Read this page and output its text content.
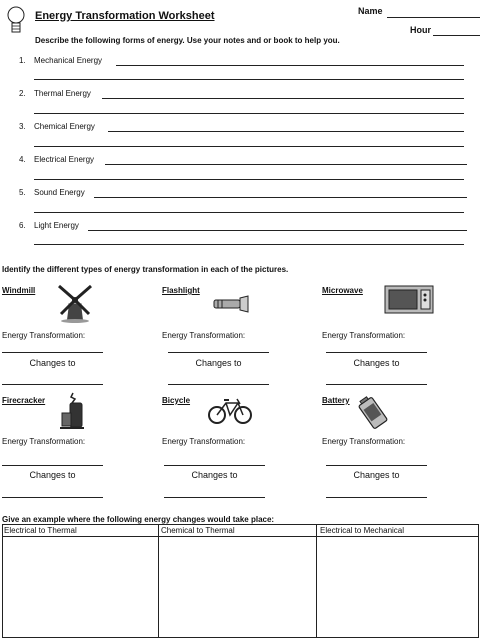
Energy Transformation Worksheet	Name
Hour
Describe the following forms of energy. Use your notes and or book to help you.
1. Mechanical Energy
2. Thermal Energy
3. Chemical Energy
4. Electrical Energy
5. Sound Energy
6. Light Energy
Identify the different types of energy transformation in each of the pictures.
Windmill	Flashlight	Microwave
Energy Transformation:	Energy Transformation:	Energy Transformation:
Changes to	Changes to	Changes to
Firecracker	Bicycle	Battery
Energy Transformation:	Energy Transformation:	Energy Transformation:
Changes to	Changes to	Changes to
Give an example where the following energy changes would take place:
Electrical to Thermal	Chemical to Thermal	Electrical to Mechanical
